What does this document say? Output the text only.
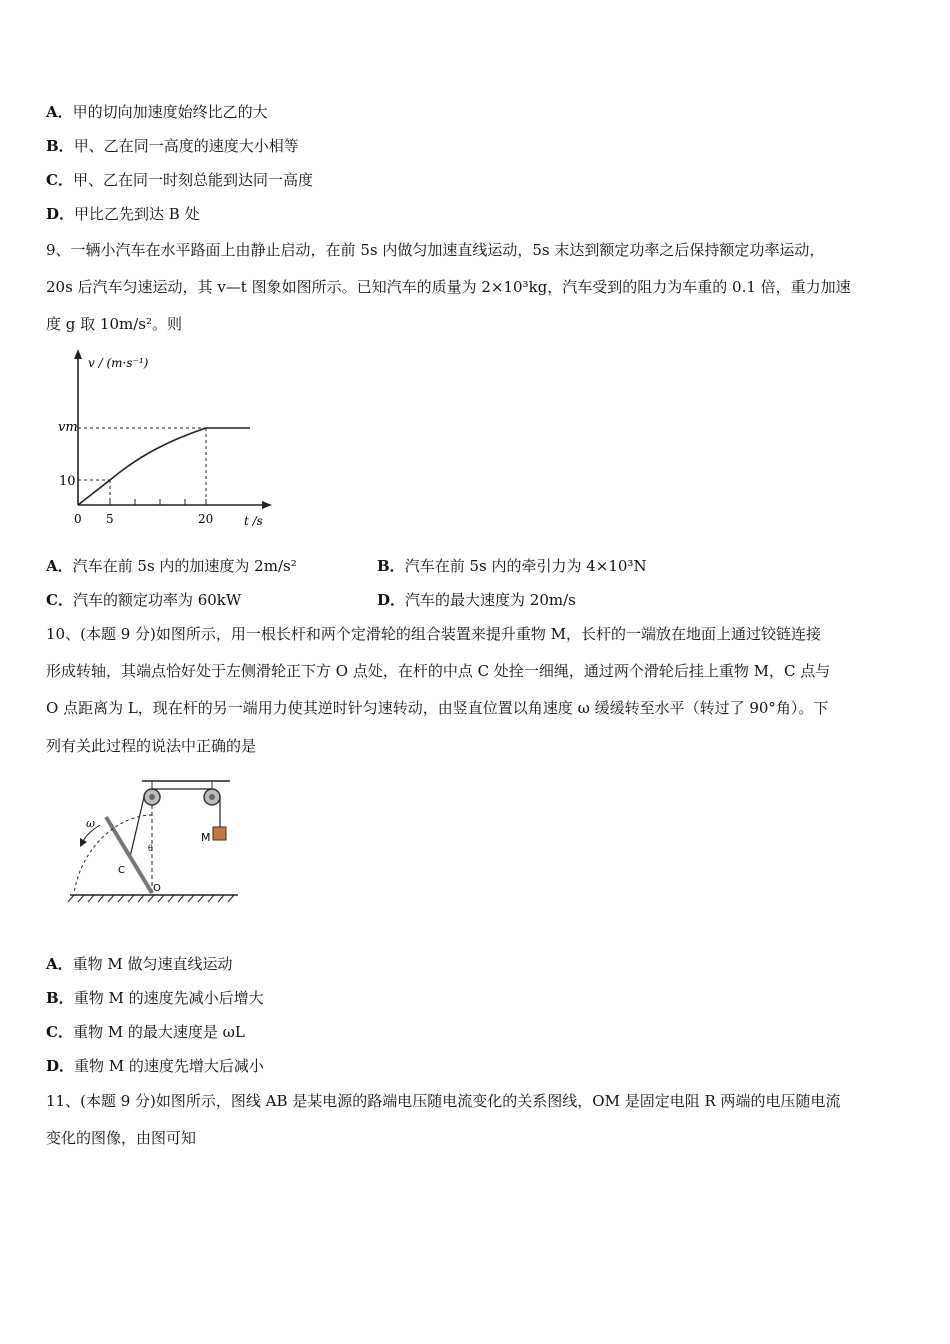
A．甲的切向加速度始终比乙的大
B．甲、乙在同一高度的速度大小相等
C．甲、乙在同一时刻总能到达同一高度
D．甲比乙先到达 B 处
9、一辆小汽车在水平路面上由静止启动，在前 5s 内做匀加速直线运动，5s 末达到额定功率之后保持额定功率运动，
20s 后汽车匀速运动，其 v—t 图象如图所示。已知汽车的质量为 2×10³kg，汽车受到的阻力为车重的 0.1 倍，重力加速
度 g 取 10m/s²。则
v / (m·s⁻¹)
vm
10
0 5	20	t /s
A．汽车在前 5s 内的加速度为 2m/s²	B．汽车在前 5s 内的牵引力为 4×10³N
C．汽车的额定功率为 60kW	D．汽车的最大速度为 20m/s
10、(本题 9 分)如图所示，用一根长杆和两个定滑轮的组合装置来提升重物 M，长杆的一端放在地面上通过铰链连接
形成转轴，其端点恰好处于左侧滑轮正下方 O 点处，在杆的中点 C 处拴一细绳，通过两个滑轮后挂上重物 M，C 点与
O 点距离为 L，现在杆的另一端用力使其逆时针匀速转动，由竖直位置以角速度 ω 缓缓转至水平（转过了 90°角）。下
列有关此过程的说法中正确的是
M
ω
C
θ
O
A．重物 M 做匀速直线运动
B．重物 M 的速度先减小后增大
C．重物 M 的最大速度是 ωL
D．重物 M 的速度先增大后减小
11、(本题 9 分)如图所示，图线 AB 是某电源的路端电压随电流变化的关系图线，OM 是固定电阻 R 两端的电压随电流
变化的图像，由图可知
